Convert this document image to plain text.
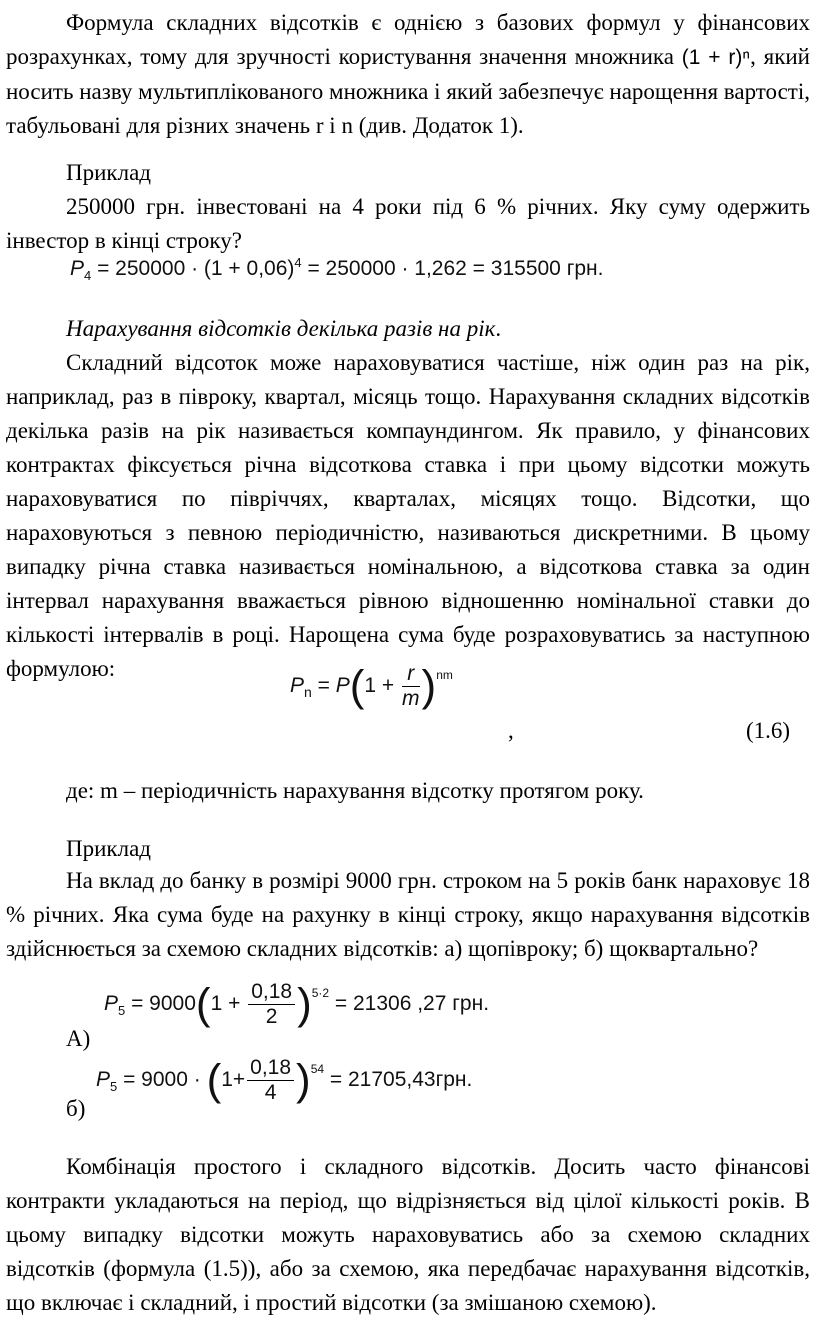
Формула складних відсотків є однією з базових формул у фінансових розрахунках, тому для зручності користування значення множника (1 + r)ⁿ, який носить назву мультиплікованого множника і який забезпечує нарощення вартості, табульовані для різних значень r і n (див. Додаток 1).

Приклад

250000 грн. інвестовані на 4 роки під 6 % річних. Яку суму одержить інвестор в кінці строку?

$P_4 = 250000 \cdot (1 + 0,06)^4 = 250000 \cdot 1,262 = 315500$ грн.

Нарахування відсотків декілька разів на рік.

Складний відсоток може нараховуватися частіше, ніж один раз на рік, наприклад, раз в півроку, квартал, місяць тощо. Нарахування складних відсотків декілька разів на рік називається компаундингом. Як правило, у фінансових контрактах фіксується річна відсоткова ставка і при цьому відсотки можуть нараховуватися по півріччях, кварталах, місяцях тощо. Відсотки, що нараховуються з певною періодичністю, називаються дискретними. В цьому випадку річна ставка називається номінальною, а відсоткова ставка за один інтервал нарахування вважається рівною відношенню номінальної ставки до кількості інтервалів в році. Нарощена сума буде розраховуватись за наступною формулою:

$P_n = P(1 + \frac{r}{m} )^{nm}$
,	(1.6)

де: m – періодичність нарахування відсотку протягом року.

Приклад

На вклад до банку в розмірі 9000 грн. строком на 5 років банк нараховує 18 % річних. Яка сума буде на рахунку в кінці строку, якщо нарахування відсотків здійснюється за схемою складних відсотків: а) щопівроку; б) щоквартально?

$P_5 = 9000(1 + \frac{0,18}{2} )^{5\cdot 2} = 21306$ ,27 грн.
А)
$P_5 = 9000 \cdot (1+ \frac{0,18}{4} )^{54} = 21705,43грн$.
б)

Комбінація простого і складного відсотків. Досить часто фінансові контракти укладаються на період, що відрізняється від цілої кількості років. В цьому випадку відсотки можуть нараховуватись або за схемою складних відсотків (формула (1.5)), або за схемою, яка передбачає нарахування відсотків, що включає і складний, і простий відсотки (за змішаною схемою).
